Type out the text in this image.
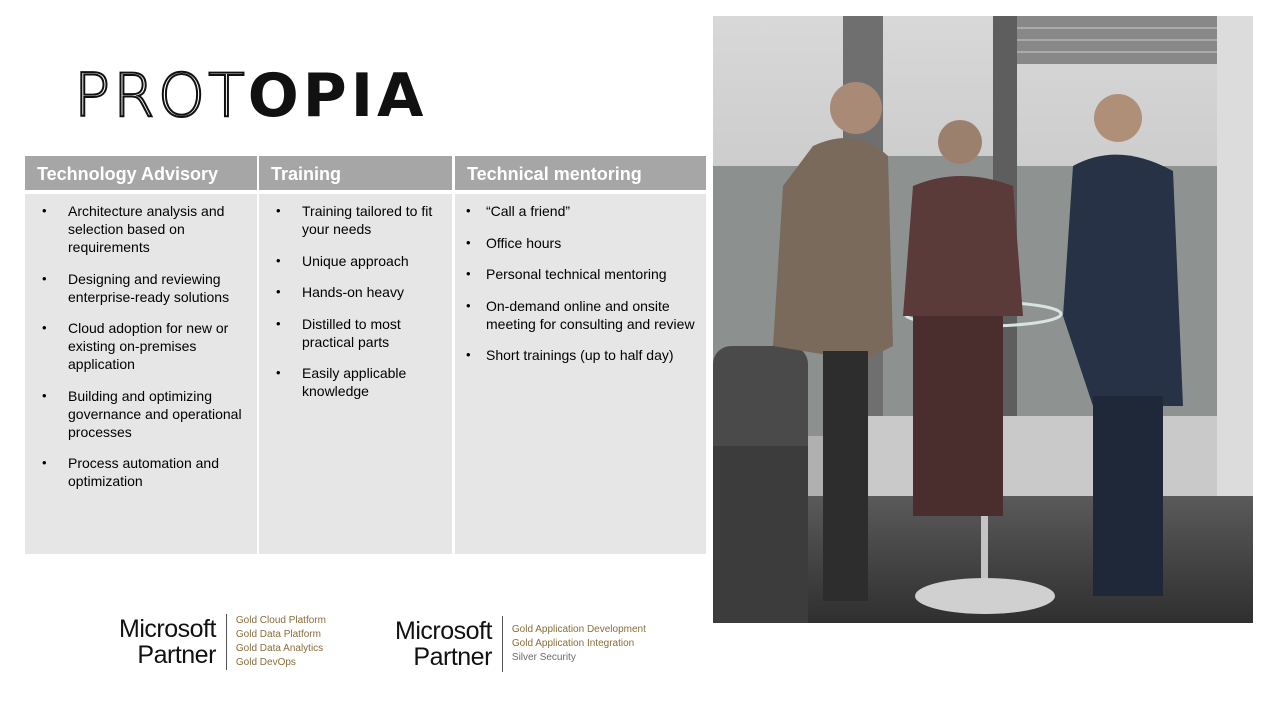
PROT OPIA
Technology Advisory
• Architecture analysis and selection based on requirements
• Designing and reviewing enterprise-ready solutions
• Cloud adoption for new or existing on-premises application
• Building and optimizing governance and operational processes
• Process automation and optimization
Training
• Training tailored to fit your needs
• Unique approach
• Hands-on heavy
• Distilled to most practical parts
• Easily applicable knowledge
Technical mentoring
• “Call a friend”
• Office hours
• Personal technical mentoring
• On-demand online and onsite meeting for consulting and review
• Short trainings (up to half day)
Microsoft
Partner
Gold Cloud Platform
Gold Data Platform
Gold Data Analytics
Gold DevOps
Microsoft
Partner
Gold Application Development
Gold Application Integration
Silver Security
